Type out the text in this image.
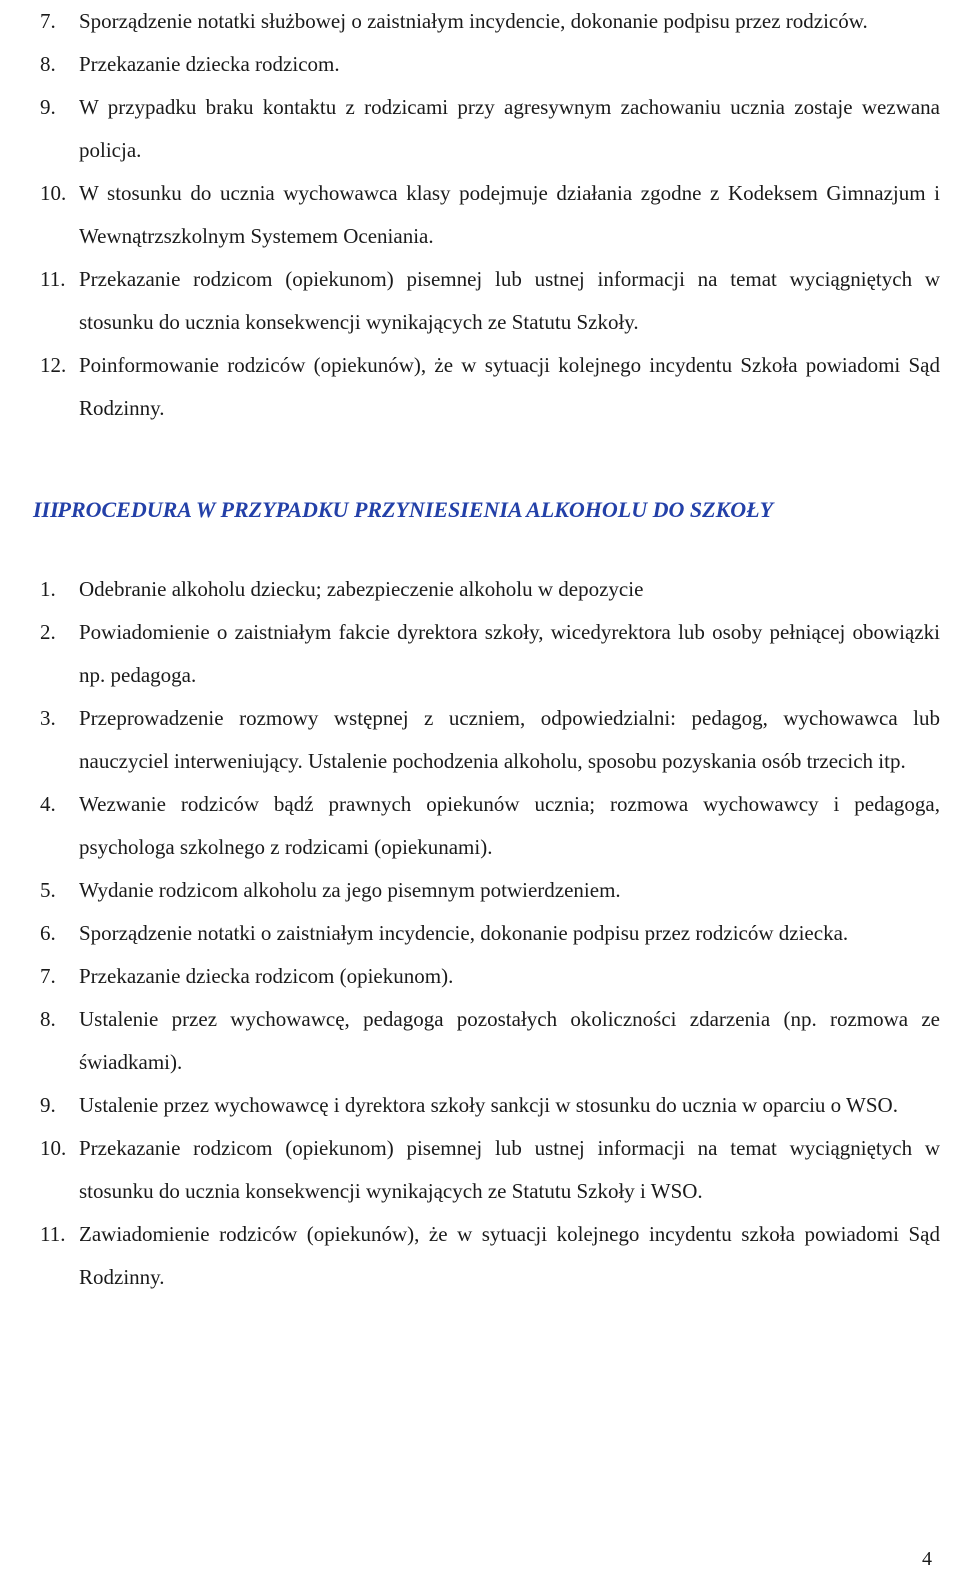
7.	Sporządzenie notatki służbowej o zaistniałym incydencie, dokonanie podpisu przez rodziców.
8.	Przekazanie dziecka rodzicom.
9.	W przypadku braku kontaktu z rodzicami przy agresywnym zachowaniu ucznia zostaje wezwana policja.
10. W stosunku do ucznia wychowawca klasy podejmuje działania zgodne z Kodeksem Gimnazjum i Wewnątrzszkolnym Systemem Oceniania.
11. Przekazanie rodzicom (opiekunom) pisemnej lub ustnej informacji na temat wyciągniętych w stosunku do ucznia konsekwencji wynikających ze Statutu Szkoły.
12. Poinformowanie rodziców (opiekunów), że w sytuacji kolejnego incydentu Szkoła powiadomi Sąd Rodzinny.
III. PROCEDURA W PRZYPADKU PRZYNIESIENIA ALKOHOLU DO SZKOŁY
1.	Odebranie alkoholu dziecku; zabezpieczenie alkoholu w depozycie
2.	Powiadomienie o zaistniałym fakcie dyrektora szkoły, wicedyrektora lub osoby pełniącej obowiązki np. pedagoga.
3.	Przeprowadzenie rozmowy wstępnej z uczniem, odpowiedzialni: pedagog, wychowawca lub nauczyciel interweniujący. Ustalenie pochodzenia alkoholu, sposobu pozyskania osób trzecich itp.
4.	Wezwanie rodziców bądź prawnych opiekunów ucznia; rozmowa wychowawcy i pedagoga, psychologa szkolnego z rodzicami (opiekunami).
5.	Wydanie rodzicom alkoholu za jego pisemnym potwierdzeniem.
6.	Sporządzenie notatki o zaistniałym incydencie, dokonanie podpisu przez rodziców dziecka.
7.	Przekazanie dziecka rodzicom (opiekunom).
8.	Ustalenie przez wychowawcę, pedagoga pozostałych okoliczności zdarzenia (np. rozmowa ze świadkami).
9.	Ustalenie przez wychowawcę i dyrektora szkoły sankcji w stosunku do ucznia w oparciu o WSO.
10. Przekazanie rodzicom (opiekunom) pisemnej lub ustnej informacji na temat wyciągniętych w stosunku do ucznia konsekwencji wynikających ze Statutu Szkoły i WSO.
11. Zawiadomienie rodziców (opiekunów), że w sytuacji kolejnego incydentu szkoła powiadomi Sąd Rodzinny.
4
